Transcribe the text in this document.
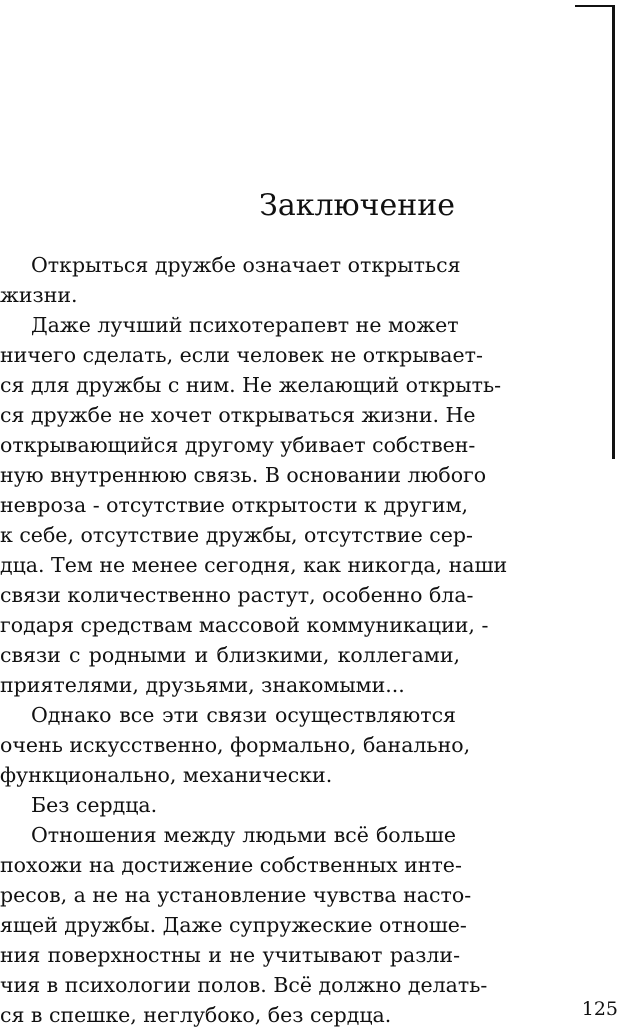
Заключение
Открыться дружбе означает открыться
жизни.
Даже лучший психотерапевт не может
ничего сделать, если человек не открывает-
ся для дружбы с ним. Не желающий открыть-
ся дружбе не хочет открываться жизни. Не
открывающийся другому убивает собствен-
ную внутреннюю связь. В основании любого
невроза - отсутствие открытости к другим,
к себе, отсутствие дружбы, отсутствие сер-
дца. Тем не менее сегодня, как никогда, наши
связи количественно растут, особенно бла-
годаря средствам массовой коммуникации, -
связи с родными и близкими, коллегами,
приятелями, друзьями, знакомыми...
Однако все эти связи осуществляются
очень искусственно, формально, банально,
функционально, механически.
Без сердца.
Отношения между людьми всё больше
похожи на достижение собственных инте-
ресов, а не на установление чувства насто-
ящей дружбы. Даже супружеские отноше-
ния поверхностны и не учитывают разли-
чия в психологии полов. Всё должно делать-
ся в спешке, неглубоко, без сердца.	125
